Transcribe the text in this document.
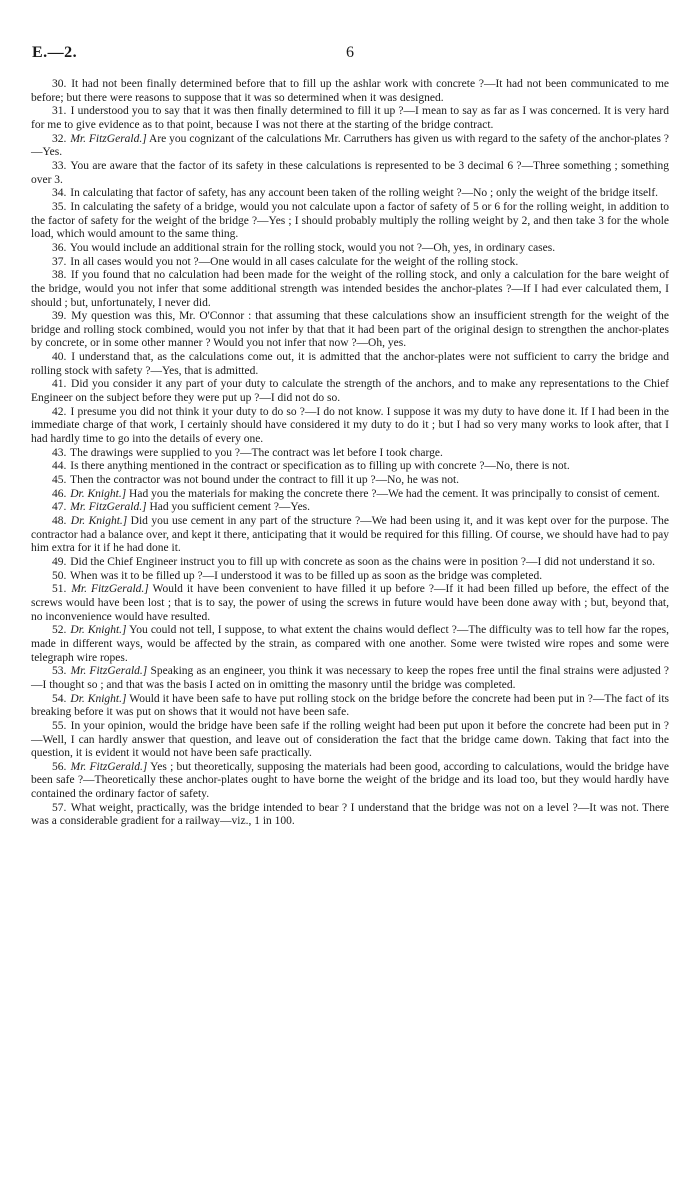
E.—2.	6

30. It had not been finally determined before that to fill up the ashlar work with concrete ?—It had not been communicated to me before; but there were reasons to suppose that it was so determined when it was designed.

31. I understood you to say that it was then finally determined to fill it up ?—I mean to say as far as I was concerned. It is very hard for me to give evidence as to that point, because I was not there at the starting of the bridge contract.

32. Mr. FitzGerald.] Are you cognizant of the calculations Mr. Carruthers has given us with regard to the safety of the anchor-plates ?—Yes.

33. You are aware that the factor of its safety in these calculations is represented to be 3 decimal 6 ?—Three something ; something over 3.

34. In calculating that factor of safety, has any account been taken of the rolling weight ?—No ; only the weight of the bridge itself.

35. In calculating the safety of a bridge, would you not calculate upon a factor of safety of 5 or 6 for the rolling weight, in addition to the factor of safety for the weight of the bridge ?—Yes ; I should probably multiply the rolling weight by 2, and then take 3 for the whole load, which would amount to the same thing.

36. You would include an additional strain for the rolling stock, would you not ?—Oh, yes, in ordinary cases.

37. In all cases would you not ?—One would in all cases calculate for the weight of the rolling stock.

38. If you found that no calculation had been made for the weight of the rolling stock, and only a calculation for the bare weight of the bridge, would you not infer that some additional strength was intended besides the anchor-plates ?—If I had ever calculated them, I should ; but, unfortunately, I never did.

39. My question was this, Mr. O'Connor : that assuming that these calculations show an insufficient strength for the weight of the bridge and rolling stock combined, would you not infer by that that it had been part of the original design to strengthen the anchor-plates by concrete, or in some other manner ? Would you not infer that now ?—Oh, yes.

40. I understand that, as the calculations come out, it is admitted that the anchor-plates were not sufficient to carry the bridge and rolling stock with safety ?—Yes, that is admitted.

41. Did you consider it any part of your duty to calculate the strength of the anchors, and to make any representations to the Chief Engineer on the subject before they were put up ?—I did not do so.

42. I presume you did not think it your duty to do so ?—I do not know. I suppose it was my duty to have done it. If I had been in the immediate charge of that work, I certainly should have considered it my duty to do it ; but I had so very many works to look after, that I had hardly time to go into the details of every one.

43. The drawings were supplied to you ?—The contract was let before I took charge.

44. Is there anything mentioned in the contract or specification as to filling up with concrete ?—No, there is not.

45. Then the contractor was not bound under the contract to fill it up ?—No, he was not.

46. Dr. Knight.] Had you the materials for making the concrete there ?—We had the cement. It was principally to consist of cement.

47. Mr. FitzGerald.] Had you sufficient cement ?—Yes.

48. Dr. Knight.] Did you use cement in any part of the structure ?—We had been using it, and it was kept over for the purpose. The contractor had a balance over, and kept it there, anticipating that it would be required for this filling. Of course, we should have had to pay him extra for it if he had done it.

49. Did the Chief Engineer instruct you to fill up with concrete as soon as the chains were in position ?—I did not understand it so.

50. When was it to be filled up ?—I understood it was to be filled up as soon as the bridge was completed.

51. Mr. FitzGerald.] Would it have been convenient to have filled it up before ?—If it had been filled up before, the effect of the screws would have been lost ; that is to say, the power of using the screws in future would have been done away with ; but, beyond that, no inconvenience would have resulted.

52. Dr. Knight.] You could not tell, I suppose, to what extent the chains would deflect ?—The difficulty was to tell how far the ropes, made in different ways, would be affected by the strain, as compared with one another. Some were twisted wire ropes and some were telegraph wire ropes.

53. Mr. FitzGerald.] Speaking as an engineer, you think it was necessary to keep the ropes free until the final strains were adjusted ?—I thought so ; and that was the basis I acted on in omitting the masonry until the bridge was completed.

54. Dr. Knight.] Would it have been safe to have put rolling stock on the bridge before the concrete had been put in ?—The fact of its breaking before it was put on shows that it would not have been safe.

55. In your opinion, would the bridge have been safe if the rolling weight had been put upon it before the concrete had been put in ?—Well, I can hardly answer that question, and leave out of consideration the fact that the bridge came down. Taking that fact into the question, it is evident it would not have been safe practically.

56. Mr. FitzGerald.] Yes ; but theoretically, supposing the materials had been good, according to calculations, would the bridge have been safe ?—Theoretically these anchor-plates ought to have borne the weight of the bridge and its load too, but they would hardly have contained the ordinary factor of safety.

57. What weight, practically, was the bridge intended to bear ? I understand that the bridge was not on a level ?—It was not. There was a considerable gradient for a railway—viz., 1 in 100.
